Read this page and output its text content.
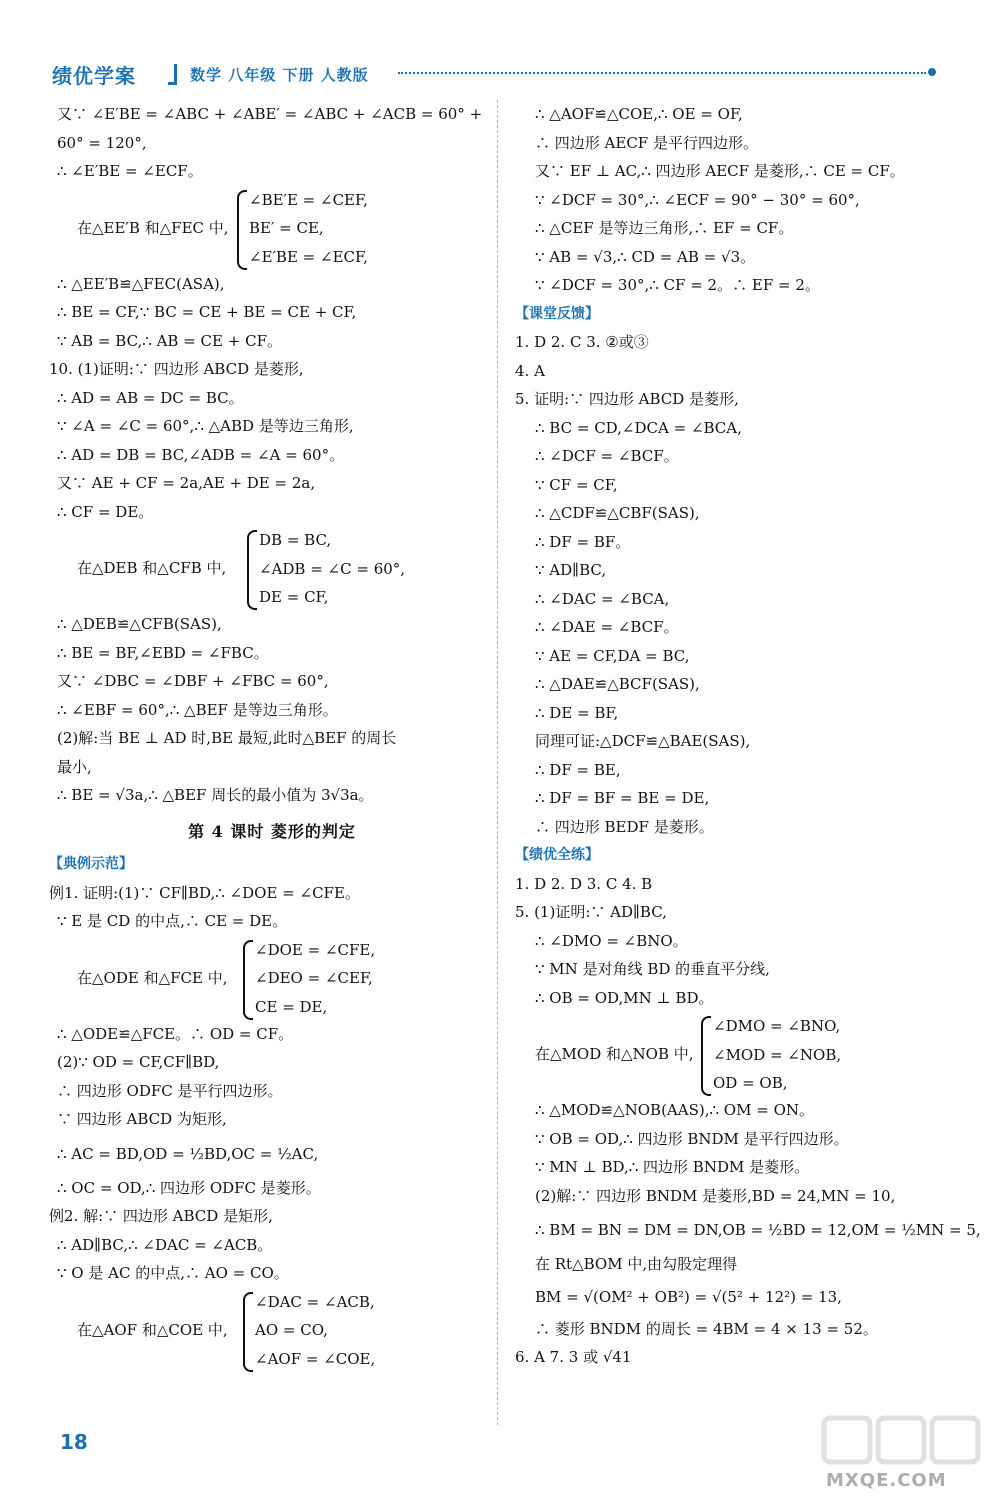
绩优学案	数学 八年级 下册 人教版
又∵ ∠E′BE = ∠ABC + ∠ABE′ = ∠ABC + ∠ACB = 60° +
60° = 120°,
∴ ∠E′BE = ∠ECF。
在△EE′B 和△FEC 中,
∠BE′E = ∠CEF,
BE′ = CE,
∠E′BE = ∠ECF,
∴ △EE′B≌△FEC(ASA),
∴ BE = CF,∵ BC = CE + BE = CE + CF,
∵ AB = BC,∴ AB = CE + CF。
10. (1)证明:∵ 四边形 ABCD 是菱形,
∴ AD = AB = DC = BC。
∵ ∠A = ∠C = 60°,∴ △ABD 是等边三角形,
∴ AD = DB = BC,∠ADB = ∠A = 60°。
又∵ AE + CF = 2a,AE + DE = 2a,
∴ CF = DE。
在△DEB 和△CFB 中,
DB = BC,
∠ADB = ∠C = 60°,
DE = CF,
∴ △DEB≌△CFB(SAS),
∴ BE = BF,∠EBD = ∠FBC。
又∵ ∠DBC = ∠DBF + ∠FBC = 60°,
∴ ∠EBF = 60°,∴ △BEF 是等边三角形。
(2)解:当 BE ⊥ AD 时,BE 最短,此时△BEF 的周长
最小,
∴ BE = √3a,∴ △BEF 周长的最小值为 3√3a。
第 4 课时 菱形的判定
【典例示范】
例1. 证明:(1)∵ CF∥BD,∴ ∠DOE = ∠CFE。
∵ E 是 CD 的中点,∴ CE = DE。
在△ODE 和△FCE 中,
∠DOE = ∠CFE,
∠DEO = ∠CEF,
CE = DE,
∴ △ODE≌△FCE。∴ OD = CF。
(2)∵ OD = CF,CF∥BD,
∴ 四边形 ODFC 是平行四边形。
∵ 四边形 ABCD 为矩形,
∴ AC = BD,OD = ½BD,OC = ½AC,
∴ OC = OD,∴ 四边形 ODFC 是菱形。
例2. 解:∵ 四边形 ABCD 是矩形,
∴ AD∥BC,∴ ∠DAC = ∠ACB。
∵ O 是 AC 的中点,∴ AO = CO。
在△AOF 和△COE 中,
∠DAC = ∠ACB,
AO = CO,
∠AOF = ∠COE,
∴ △AOF≌△COE,∴ OE = OF,
∴ 四边形 AECF 是平行四边形。
又∵ EF ⊥ AC,∴ 四边形 AECF 是菱形,∴ CE = CF。
∵ ∠DCF = 30°,∴ ∠ECF = 90° − 30° = 60°,
∴ △CEF 是等边三角形,∴ EF = CF。
∵ AB = √3,∴ CD = AB = √3。
∵ ∠DCF = 30°,∴ CF = 2。∴ EF = 2。
【课堂反馈】
1. D 2. C 3. ②或③
4. A
5. 证明:∵ 四边形 ABCD 是菱形,
∴ BC = CD,∠DCA = ∠BCA,
∴ ∠DCF = ∠BCF。
∵ CF = CF,
∴ △CDF≌△CBF(SAS),
∴ DF = BF。
∵ AD∥BC,
∴ ∠DAC = ∠BCA,
∴ ∠DAE = ∠BCF。
∵ AE = CF,DA = BC,
∴ △DAE≌△BCF(SAS),
∴ DE = BF,
同理可证:△DCF≌△BAE(SAS),
∴ DF = BE,
∴ DF = BF = BE = DE,
∴ 四边形 BEDF 是菱形。
【绩优全练】
1. D 2. D 3. C 4. B
5. (1)证明:∵ AD∥BC,
∴ ∠DMO = ∠BNO。
∵ MN 是对角线 BD 的垂直平分线,
∴ OB = OD,MN ⊥ BD。
在△MOD 和△NOB 中,
∠DMO = ∠BNO,
∠MOD = ∠NOB,
OD = OB,
∴ △MOD≌△NOB(AAS),∴ OM = ON。
∵ OB = OD,∴ 四边形 BNDM 是平行四边形。
∵ MN ⊥ BD,∴ 四边形 BNDM 是菱形。
(2)解:∵ 四边形 BNDM 是菱形,BD = 24,MN = 10,
∴ BM = BN = DM = DN,OB = ½BD = 12,OM = ½MN = 5,
在 Rt△BOM 中,由勾股定理得
BM = √(OM² + OB²) = √(5² + 12²) = 13,
∴ 菱形 BNDM 的周长 = 4BM = 4 × 13 = 52。
6. A 7. 3 或 √41
18
MXQE.COM
